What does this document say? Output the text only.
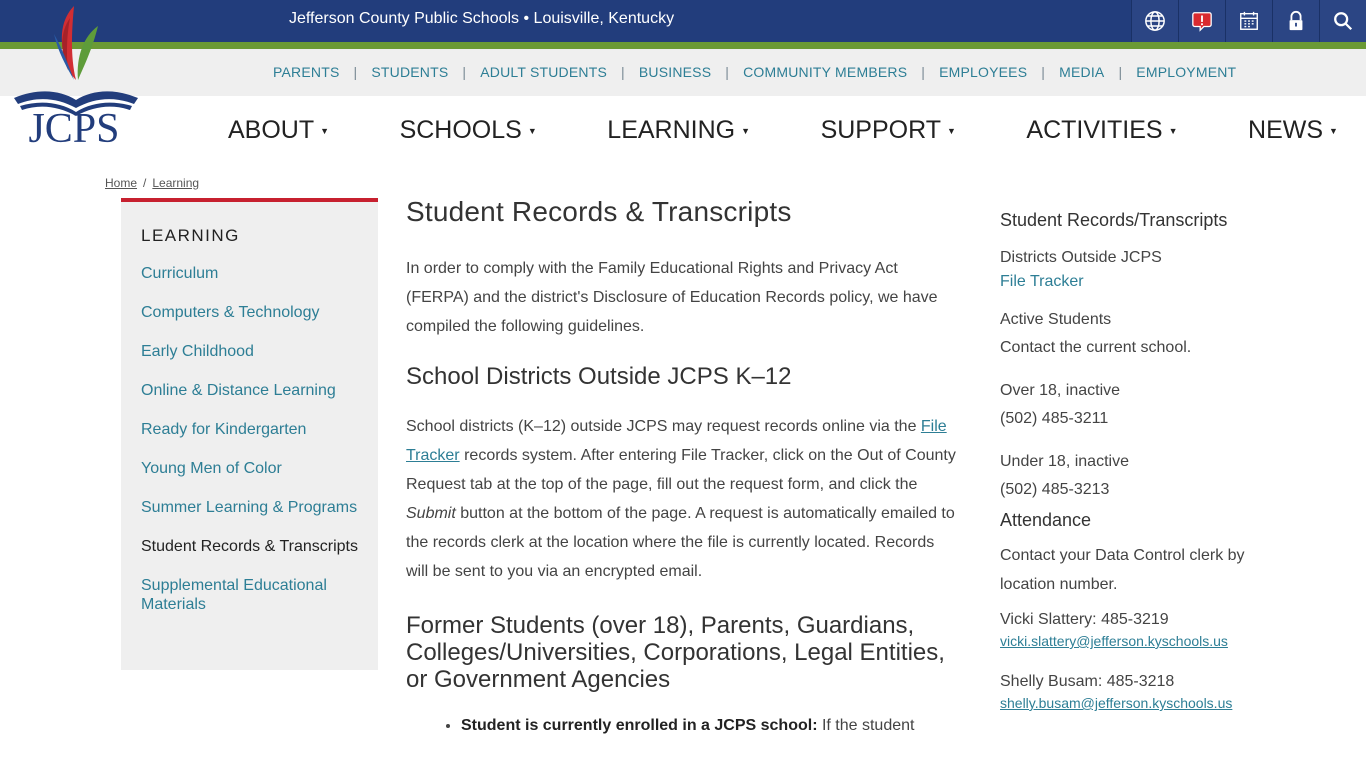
Jefferson County Public Schools • Louisville, Kentucky
PARENTS | STUDENTS | ADULT STUDENTS | BUSINESS | COMMUNITY MEMBERS | EMPLOYEES | MEDIA | EMPLOYMENT
JCPS	ABOUT ▼	SCHOOLS ▼	LEARNING ▼	SUPPORT ▼	ACTIVITIES ▼	NEWS ▼
Home / Learning
LEARNING
Curriculum
Computers & Technology
Early Childhood
Online & Distance Learning
Ready for Kindergarten
Young Men of Color
Summer Learning & Programs
Student Records & Transcripts
Supplemental Educational Materials
Student Records & Transcripts

In order to comply with the Family Educational Rights and Privacy Act (FERPA) and the district's Disclosure of Education Records policy, we have compiled the following guidelines.

School Districts Outside JCPS K–12

School districts (K–12) outside JCPS may request records online via the File Tracker records system. After entering File Tracker, click on the Out of County Request tab at the top of the page, fill out the request form, and click the Submit button at the bottom of the page. A request is automatically emailed to the records clerk at the location where the file is currently located. Records will be sent to you via an encrypted email.

Former Students (over 18), Parents, Guardians, Colleges/Universities, Corporations, Legal Entities, or Government Agencies
• Student is currently enrolled in a JCPS school: If the student
Student Records/Transcripts
Districts Outside JCPS
File Tracker
Active Students
Contact the current school.
Over 18, inactive
(502) 485-3211
Under 18, inactive
(502) 485-3213
Attendance
Contact your Data Control clerk by location number.
Vicki Slattery: 485-3219
vicki.slattery@jefferson.kyschools.us
Shelly Busam: 485-3218
shelly.busam@jefferson.kyschools.us
